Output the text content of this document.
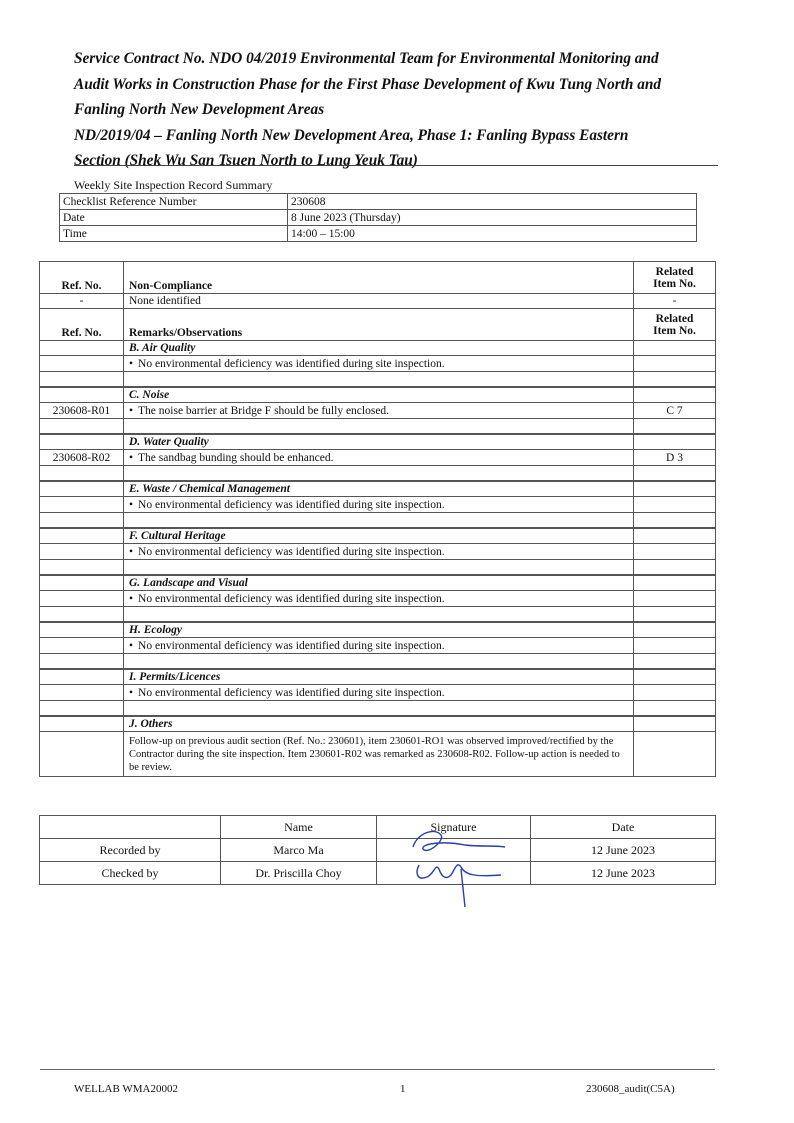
Service Contract No. NDO 04/2019 Environmental Team for Environmental Monitoring and
Audit Works in Construction Phase for the First Phase Development of Kwu Tung North and
Fanling North New Development Areas
ND/2019/04 – Fanling North New Development Area, Phase 1: Fanling Bypass Eastern
Section (Shek Wu San Tsuen North to Lung Yeuk Tau)
Weekly Site Inspection Record Summary
Checklist Reference Number	230608
Date	8 June 2023 (Thursday)
Time	14:00 – 15:00
Ref. No.	Non-Compliance	Related
Item No.

-	None identified	-
Ref. No.	Remarks/Observations	Related
Item No.

	B. Air Quality	
	• No environmental deficiency was identified during site inspection.	

	C. Noise	
230608-R01	• The noise barrier at Bridge F should be fully enclosed.	C 7

	D. Water Quality	
230608-R02	• The sandbag bunding should be enhanced.	D 3

	E. Waste / Chemical Management	
	• No environmental deficiency was identified during site inspection.	

	F. Cultural Heritage	
	• No environmental deficiency was identified during site inspection.	

	G. Landscape and Visual	
	• No environmental deficiency was identified during site inspection.	

	H. Ecology	
	• No environmental deficiency was identified during site inspection.	

	I. Permits/Licences	
	• No environmental deficiency was identified during site inspection.	

	J. Others	
	Follow-up on previous audit section (Ref. No.: 230601), item 230601-RO1 was observed improved/rectified by the Contractor during the site inspection. Item 230601-R02 was remarked as 230608-R02. Follow-up action is needed to be review.	
	Name	Signature	Date
Recorded by	Marco Ma		12 June 2023
Checked by	Dr. Priscilla Choy		12 June 2023
WELLAB WMA20002	1	230608_audit(C5A)
